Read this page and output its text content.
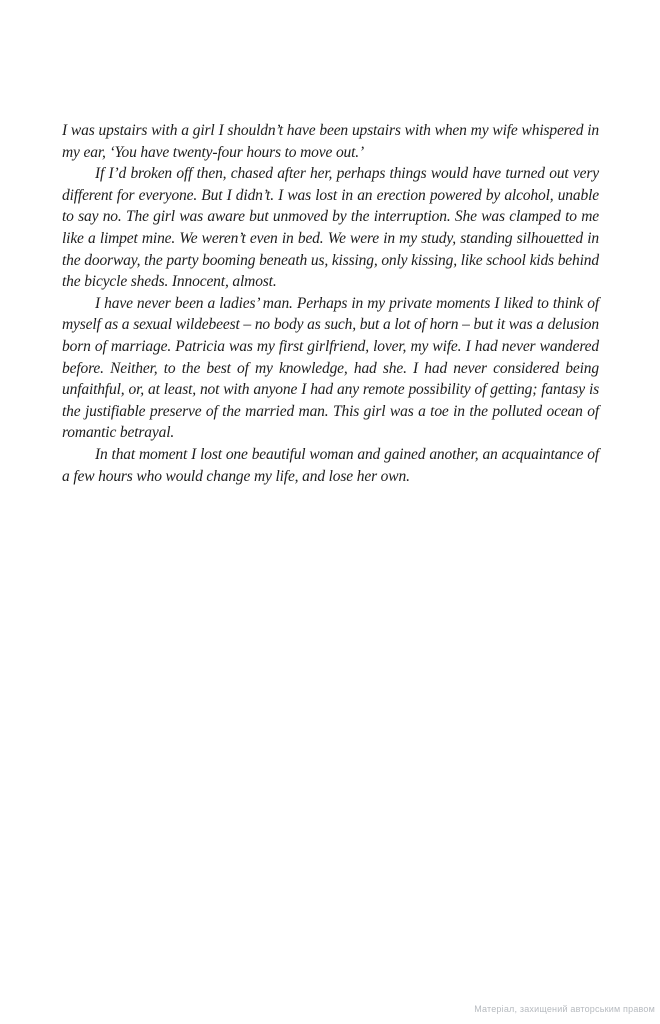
I was upstairs with a girl I shouldn’t have been upstairs with when my wife whispered in my ear, ‘You have twenty-four hours to move out.’

If I’d broken off then, chased after her, perhaps things would have turned out very different for everyone. But I didn’t. I was lost in an erection powered by alcohol, unable to say no. The girl was aware but unmoved by the interruption. She was clamped to me like a limpet mine. We weren’t even in bed. We were in my study, standing silhouetted in the doorway, the party booming beneath us, kissing, only kissing, like school kids behind the bicycle sheds. Innocent, almost.

I have never been a ladies’ man. Perhaps in my private moments I liked to think of myself as a sexual wildebeest – no body as such, but a lot of horn – but it was a delusion born of marriage. Patricia was my first girlfriend, lover, my wife. I had never wandered before. Neither, to the best of my knowledge, had she. I had never considered being unfaithful, or, at least, not with anyone I had any remote possibility of getting; fantasy is the justifiable preserve of the married man. This girl was a toe in the polluted ocean of romantic betrayal.

In that moment I lost one beautiful woman and gained another, an acquaintance of a few hours who would change my life, and lose her own.

Матеріал, захищений авторським правом
